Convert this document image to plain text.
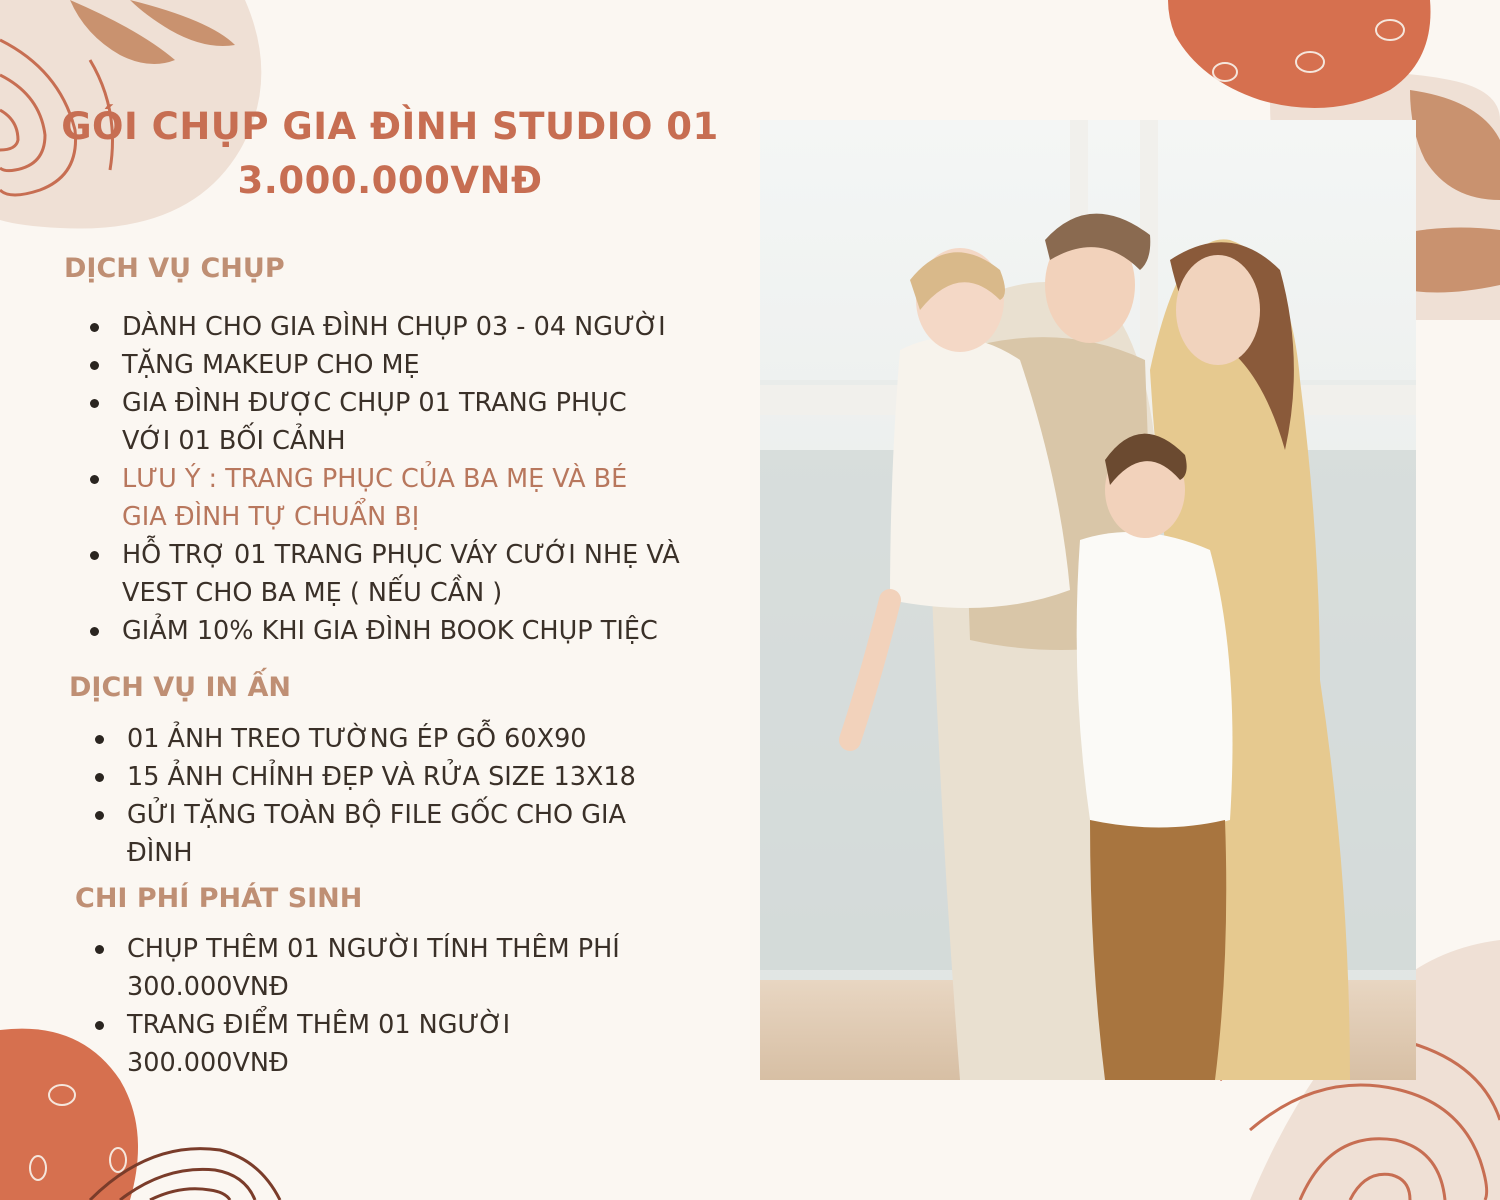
GÓI CHỤP GIA ĐÌNH STUDIO 01
3.000.000VNĐ
DỊCH VỤ CHỤP
DÀNH CHO GIA ĐÌNH CHỤP 03 - 04 NGƯỜI
TẶNG MAKEUP CHO MẸ
GIA ĐÌNH ĐƯỢC CHỤP 01 TRANG PHỤC VỚI 01 BỐI CẢNH
LƯU Ý : TRANG PHỤC CỦA BA MẸ VÀ BÉ GIA ĐÌNH TỰ CHUẨN BỊ
HỖ TRỢ 01 TRANG PHỤC VÁY CƯỚI NHẸ VÀ VEST CHO BA MẸ ( NẾU CẦN )
GIẢM 10% KHI GIA ĐÌNH BOOK CHỤP TIỆC
DỊCH VỤ IN ẤN
01 ẢNH TREO TƯỜNG ÉP GỖ 60X90
15 ẢNH CHỈNH ĐẸP VÀ RỬA SIZE 13X18
GỬI TẶNG TOÀN BỘ FILE GỐC CHO GIA ĐÌNH
CHI PHÍ PHÁT SINH
CHỤP THÊM 01 NGƯỜI TÍNH THÊM PHÍ 300.000VNĐ
TRANG ĐIỂM THÊM 01 NGƯỜI 300.000VNĐ
